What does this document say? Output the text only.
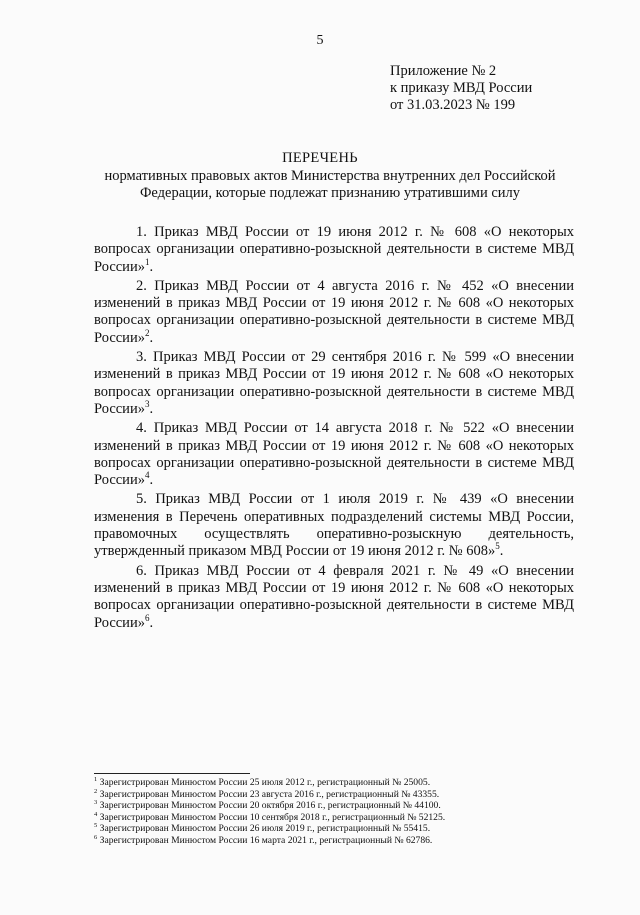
5
Приложение № 2
к приказу МВД России
от 31.03.2023 № 199
ПЕРЕЧЕНЬ
нормативных правовых актов Министерства внутренних дел Российской
Федерации, которые подлежат признанию утратившими силу

1. Приказ МВД России от 19 июня 2012 г. № 608 «О некоторых вопросах организации оперативно-розыскной деятельности в системе МВД России»$^1$.

2. Приказ МВД России от 4 августа 2016 г. № 452 «О внесении изменений в приказ МВД России от 19 июня 2012 г. № 608 «О некоторых вопросах организации оперативно-розыскной деятельности в системе МВД России»$^2$.

3. Приказ МВД России от 29 сентября 2016 г. № 599 «О внесении изменений в приказ МВД России от 19 июня 2012 г. № 608 «О некоторых вопросах организации оперативно-розыскной деятельности в системе МВД России»$^3$.

4. Приказ МВД России от 14 августа 2018 г. № 522 «О внесении изменений в приказ МВД России от 19 июня 2012 г. № 608 «О некоторых вопросах организации оперативно-розыскной деятельности в системе МВД России»$^4$.

5. Приказ МВД России от 1 июля 2019 г. № 439 «О внесении изменения в Перечень оперативных подразделений системы МВД России, правомочных осуществлять оперативно-розыскную деятельность, утвержденный приказом МВД России от 19 июня 2012 г. № 608»$^5$.

6. Приказ МВД России от 4 февраля 2021 г. № 49 «О внесении изменений в приказ МВД России от 19 июня 2012 г. № 608 «О некоторых вопросах организации оперативно-розыскной деятельности в системе МВД России»$^6$.

$^1$ Зарегистрирован Минюстом России 25 июля 2012 г., регистрационный № 25005.
$^2$ Зарегистрирован Минюстом России 23 августа 2016 г., регистрационный № 43355.
$^3$ Зарегистрирован Минюстом России 20 октября 2016 г., регистрационный № 44100.
$^4$ Зарегистрирован Минюстом России 10 сентября 2018 г., регистрационный № 52125.
$^5$ Зарегистрирован Минюстом России 26 июля 2019 г., регистрационный № 55415.
$^6$ Зарегистрирован Минюстом России 16 марта 2021 г., регистрационный № 62786.
